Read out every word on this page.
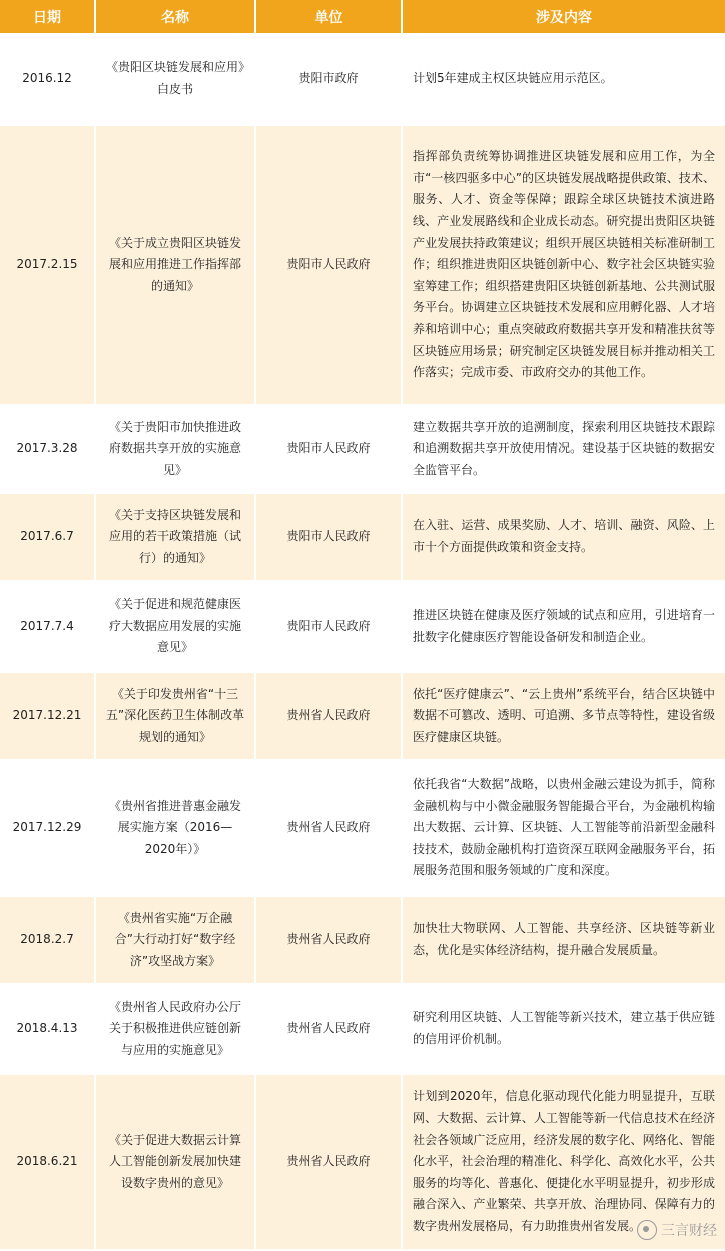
日期	名称	单位	涉及内容
2016.12	《贵阳区块链发展和应用》白皮书	贵阳市政府	计划5年建成主权区块链应用示范区。
2017.2.15	《关于成立贵阳区块链发展和应用推进工作指挥部的通知》	贵阳市人民政府	指挥部负责统筹协调推进区块链发展和应用工作，为全市“一核四驱多中心”的区块链发展战略提供政策、技术、服务、人才、资金等保障；跟踪全球区块链技术演进路线、产业发展路线和企业成长动态。研究提出贵阳区块链产业发展扶持政策建议；组织开展区块链相关标准研制工作；组织推进贵阳区块链创新中心、数字社会区块链实验室筹建工作；组织搭建贵阳区块链创新基地、公共测试服务平台。协调建立区块链技术发展和应用孵化器、人才培养和培训中心；重点突破政府数据共享开发和精准扶贫等区块链应用场景；研究制定区块链发展目标并推动相关工作落实；完成市委、市政府交办的其他工作。
2017.3.28	《关于贵阳市加快推进政府数据共享开放的实施意见》	贵阳市人民政府	建立数据共享开放的追溯制度，探索利用区块链技术跟踪和追溯数据共享开放使用情况。建设基于区块链的数据安全监管平台。
2017.6.7	《关于支持区块链发展和应用的若干政策措施（试行）的通知》	贵阳市人民政府	在入驻、运营、成果奖励、人才、培训、融资、风险、上市十个方面提供政策和资金支持。
2017.7.4	《关于促进和规范健康医疗大数据应用发展的实施意见》	贵阳市人民政府	推进区块链在健康及医疗领域的试点和应用，引进培育一批数字化健康医疗智能设备研发和制造企业。
2017.12.21	《关于印发贵州省“十三五”深化医药卫生体制改革规划的通知》	贵州省人民政府	依托“医疗健康云”、“云上贵州”系统平台，结合区块链中数据不可篡改、透明、可追溯、多节点等特性，建设省级医疗健康区块链。
2017.12.29	《贵州省推进普惠金融发展实施方案（2016—2020年）》	贵州省人民政府	依托我省“大数据”战略，以贵州金融云建设为抓手，简称金融机构与中小微金融服务智能撮合平台，为金融机构输出大数据、云计算、区块链、人工智能等前沿新型金融科技技术，鼓励金融机构打造资深互联网金融服务平台，拓展服务范围和服务领域的广度和深度。
2018.2.7	《贵州省实施“万企融合”大行动打好“数字经济”攻坚战方案》	贵州省人民政府	加快壮大物联网、人工智能、共享经济、区块链等新业态，优化是实体经济结构，提升融合发展质量。
2018.4.13	《贵州省人民政府办公厅关于积极推进供应链创新与应用的实施意见》	贵州省人民政府	研究利用区块链、人工智能等新兴技术，建立基于供应链的信用评价机制。
2018.6.21	《关于促进大数据云计算人工智能创新发展加快建设数字贵州的意见》	贵州省人民政府	计划到2020年，信息化驱动现代化能力明显提升，互联网、大数据、云计算、人工智能等新一代信息技术在经济社会各领域广泛应用，经济发展的数字化、网络化、智能化水平，社会治理的精准化、科学化、高效化水平，公共服务的均等化、普惠化、便捷化水平明显提升，初步形成融合深入、产业繁荣、共享开放、治理协同、保障有力的数字贵州发展格局，有力助推贵州省发展。 三言财经
